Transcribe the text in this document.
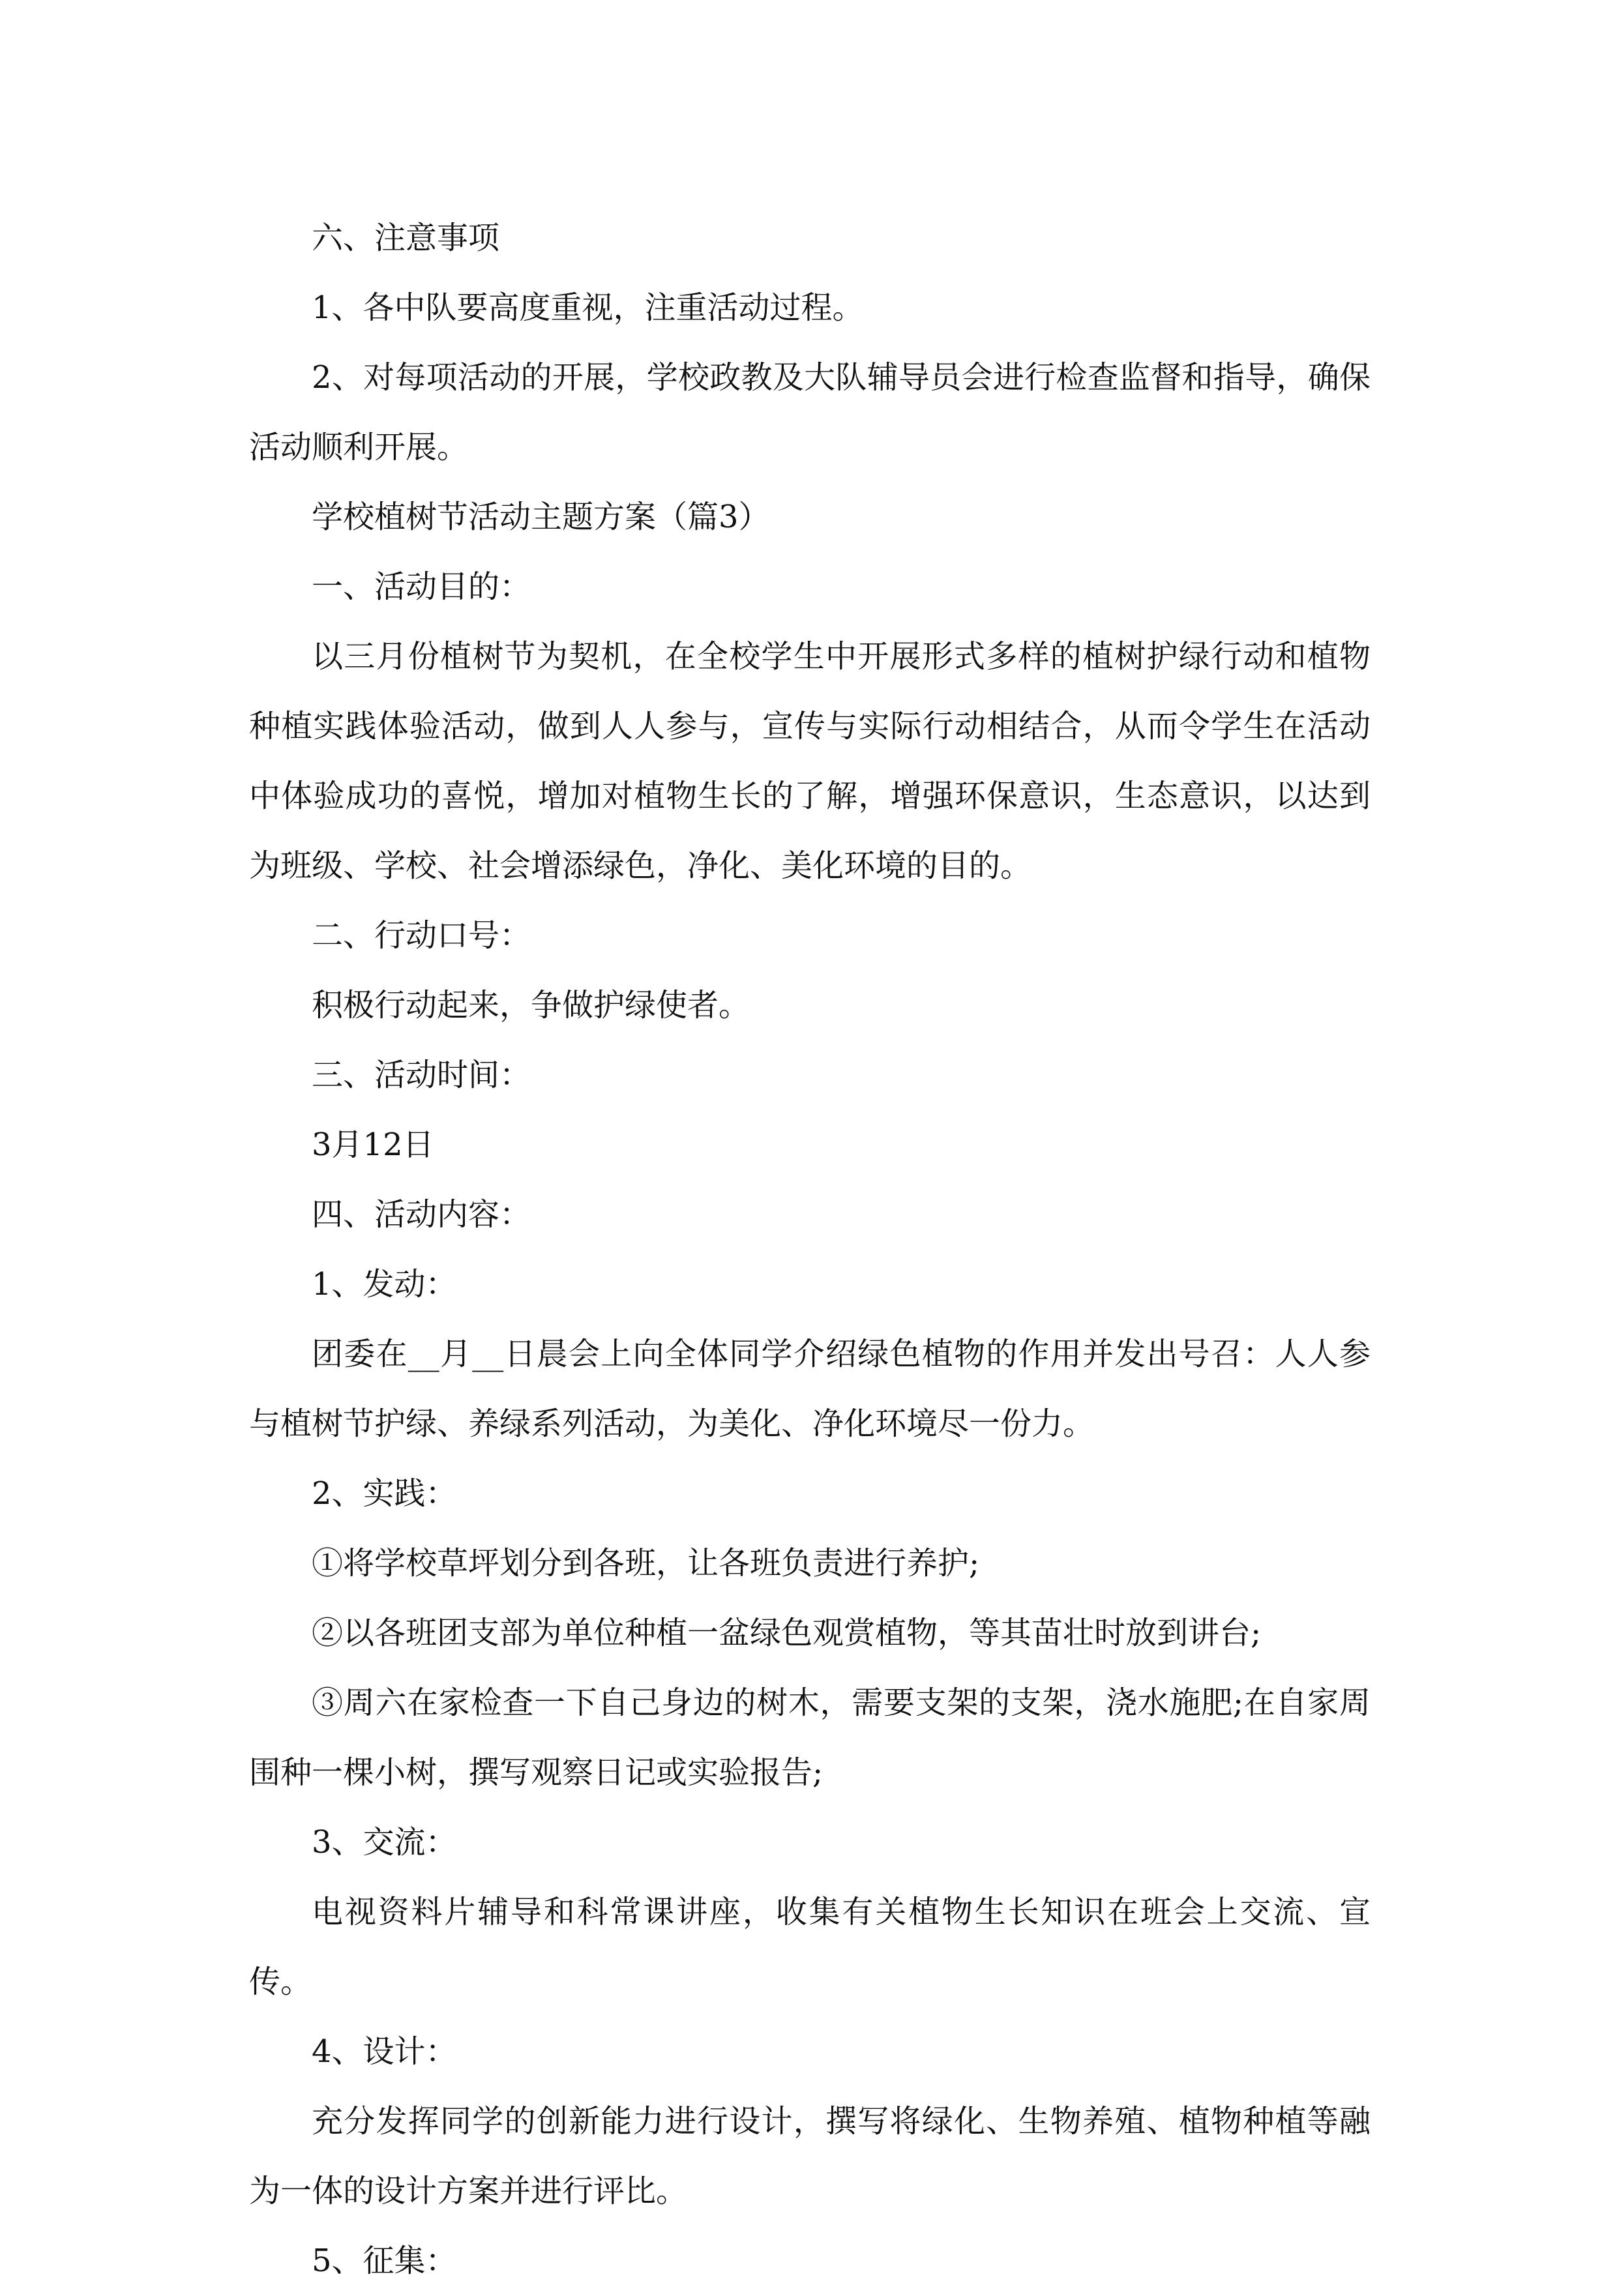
六、注意事项

1、各中队要高度重视，注重活动过程。

2、对每项活动的开展，学校政教及大队辅导员会进行检查监督和指导，确保活动顺利开展。

学校植树节活动主题方案（篇3）

一、活动目的：

以三月份植树节为契机，在全校学生中开展形式多样的植树护绿行动和植物种植实践体验活动，做到人人参与，宣传与实际行动相结合，从而令学生在活动中体验成功的喜悦，增加对植物生长的了解，增强环保意识，生态意识，以达到为班级、学校、社会增添绿色，净化、美化环境的目的。

二、行动口号：

积极行动起来，争做护绿使者。

三、活动时间：

3月12日

四、活动内容：

1、发动：

团委在__月__日晨会上向全体同学介绍绿色植物的作用并发出号召：人人参与植树节护绿、养绿系列活动，为美化、净化环境尽一份力。

2、实践：

①将学校草坪划分到各班，让各班负责进行养护;

②以各班团支部为单位种植一盆绿色观赏植物，等其苗壮时放到讲台;

③周六在家检查一下自己身边的树木，需要支架的支架，浇水施肥;在自家周围种一棵小树，撰写观察日记或实验报告;

3、交流：

电视资料片辅导和科常课讲座，收集有关植物生长知识在班会上交流、宣传。

4、设计：

充分发挥同学的创新能力进行设计，撰写将绿化、生物养殖、植物种植等融为一体的设计方案并进行评比。

5、征集：
